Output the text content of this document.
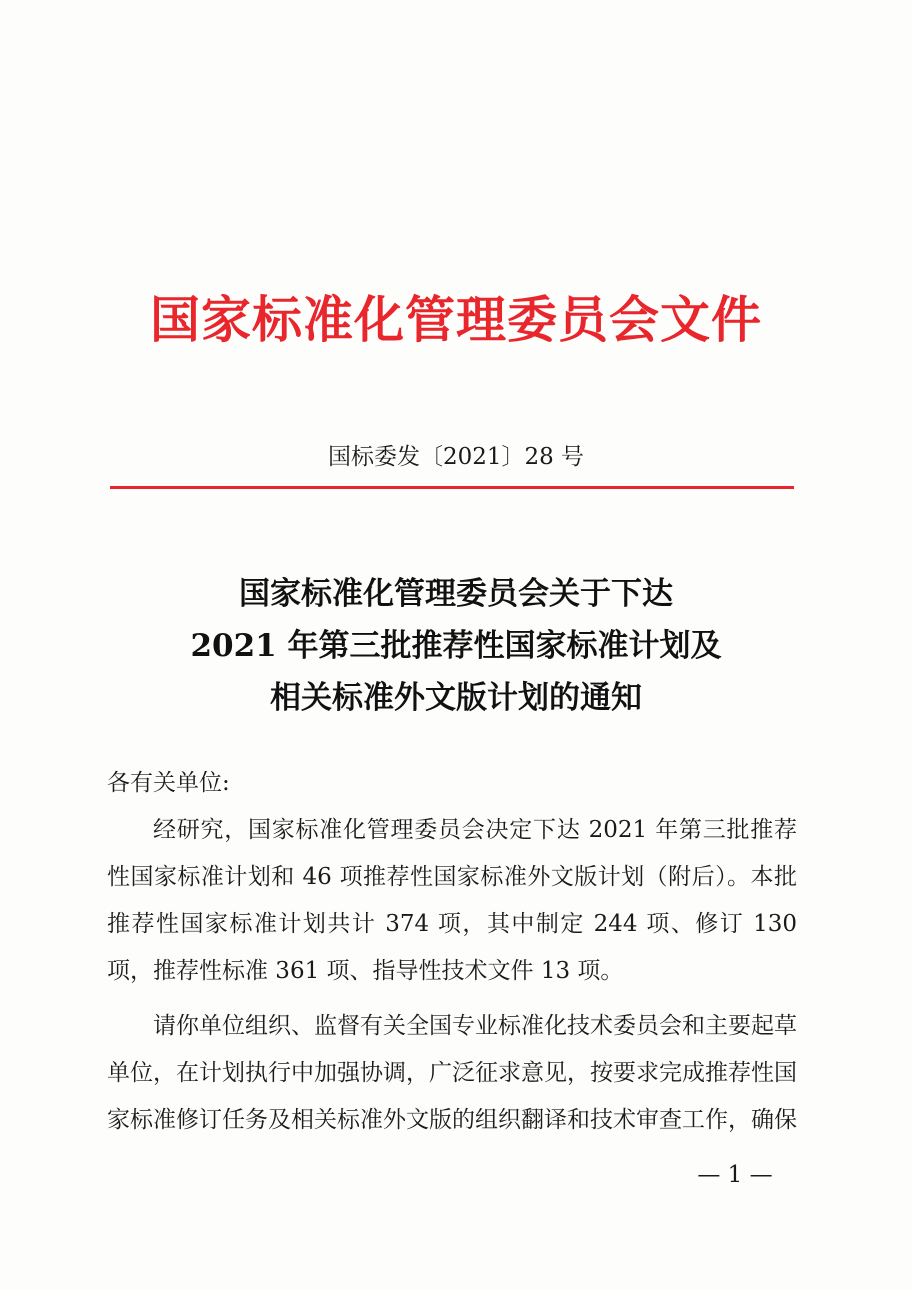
国家标准化管理委员会文件
国标委发〔2021〕28 号
国家标准化管理委员会关于下达
2021 年第三批推荐性国家标准计划及
相关标准外文版计划的通知
各有关单位:

经研究，国家标准化管理委员会决定下达 2021 年第三批推荐性国家标准计划和 46 项推荐性国家标准外文版计划（附后）。本批推荐性国家标准计划共计 374 项，其中制定 244 项、修订 130 项，推荐性标准 361 项、指导性技术文件 13 项。

请你单位组织、监督有关全国专业标准化技术委员会和主要起草单位，在计划执行中加强协调，广泛征求意见，按要求完成推荐性国家标准修订任务及相关标准外文版的组织翻译和技术审查工作，确保

— 1 —
